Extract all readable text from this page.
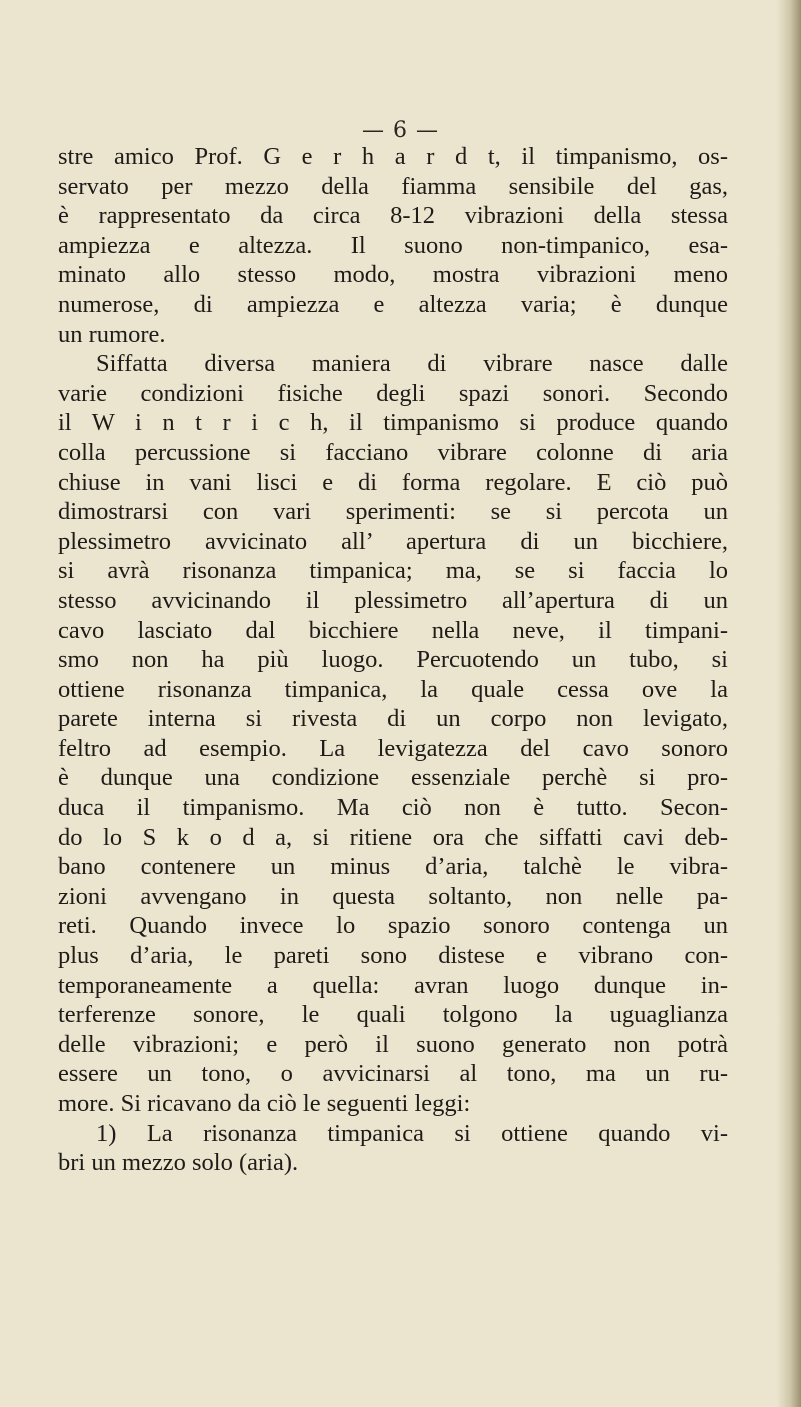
— 6 —
stre amico Prof. G e r h a r d t, il timpanismo, os-
servato per mezzo della fiamma sensibile del gas,
è rappresentato da circa 8-12 vibrazioni della stessa
ampiezza e altezza. Il suono non-timpanico, esa-
minato allo stesso modo, mostra vibrazioni meno
numerose, di ampiezza e altezza varia; è dunque
un rumore.
Siffatta diversa maniera di vibrare nasce dalle
varie condizioni fisiche degli spazi sonori. Secondo
il W i n t r i c h, il timpanismo si produce quando
colla percussione si facciano vibrare colonne di aria
chiuse in vani lisci e di forma regolare. E ciò può
dimostrarsi con vari sperimenti: se si percota un
plessimetro avvicinato all’ apertura di un bicchiere,
si avrà risonanza timpanica; ma, se si faccia lo
stesso avvicinando il plessimetro all’apertura di un
cavo lasciato dal bicchiere nella neve, il timpani-
smo non ha più luogo. Percuotendo un tubo, si
ottiene risonanza timpanica, la quale cessa ove la
parete interna si rivesta di un corpo non levigato,
feltro ad esempio. La levigatezza del cavo sonoro
è dunque una condizione essenziale perchè si pro-
duca il timpanismo. Ma ciò non è tutto. Secon-
do lo S k o d a, si ritiene ora che siffatti cavi deb-
bano contenere un minus d’aria, talchè le vibra-
zioni avvengano in questa soltanto, non nelle pa-
reti. Quando invece lo spazio sonoro contenga un
plus d’aria, le pareti sono distese e vibrano con-
temporaneamente a quella: avran luogo dunque in-
terferenze sonore, le quali tolgono la uguaglianza
delle vibrazioni; e però il suono generato non potrà
essere un tono, o avvicinarsi al tono, ma un ru-
more. Si ricavano da ciò le seguenti leggi:
1) La risonanza timpanica si ottiene quando vi-
bri un mezzo solo (aria).
